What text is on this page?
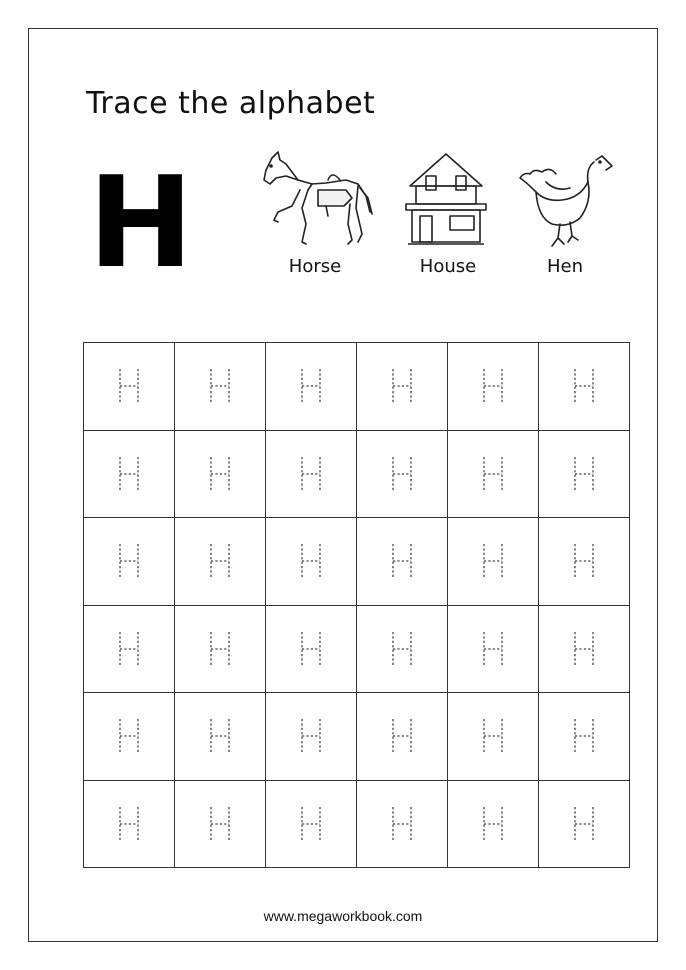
Trace the alphabet
H	Horse	House	Hen
www.megaworkbook.com
